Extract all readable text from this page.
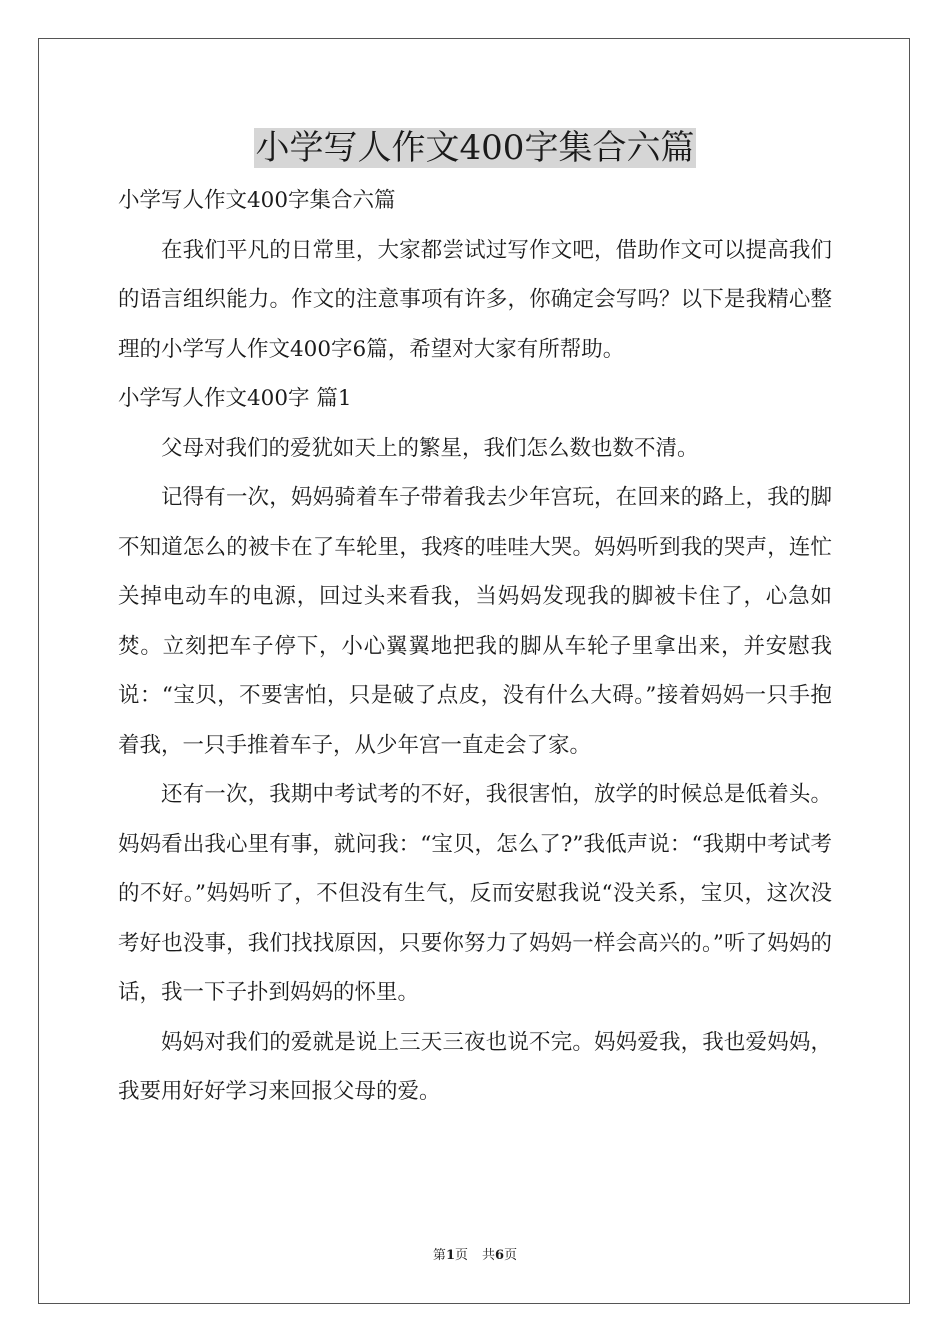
小学写人作文400字集合六篇

小学写人作文400字集合六篇

在我们平凡的日常里，大家都尝试过写作文吧，借助作文可以提高我们的语言组织能力。作文的注意事项有许多，你确定会写吗？以下是我精心整理的小学写人作文400字6篇，希望对大家有所帮助。

小学写人作文400字 篇1

父母对我们的爱犹如天上的繁星，我们怎么数也数不清。

记得有一次，妈妈骑着车子带着我去少年宫玩，在回来的路上，我的脚不知道怎么的被卡在了车轮里，我疼的哇哇大哭。妈妈听到我的哭声，连忙关掉电动车的电源，回过头来看我，当妈妈发现我的脚被卡住了，心急如焚。立刻把车子停下，小心翼翼地把我的脚从车轮子里拿出来，并安慰我说：“宝贝，不要害怕，只是破了点皮，没有什么大碍。”接着妈妈一只手抱着我，一只手推着车子，从少年宫一直走会了家。

还有一次，我期中考试考的不好，我很害怕，放学的时候总是低着头。妈妈看出我心里有事，就问我：“宝贝，怎么了?”我低声说：“我期中考试考的不好。”妈妈听了，不但没有生气，反而安慰我说“没关系，宝贝，这次没考好也没事，我们找找原因，只要你努力了妈妈一样会高兴的。”听了妈妈的话，我一下子扑到妈妈的怀里。

妈妈对我们的爱就是说上三天三夜也说不完。妈妈爱我，我也爱妈妈，我要用好好学习来回报父母的爱。

第1页 共6页
